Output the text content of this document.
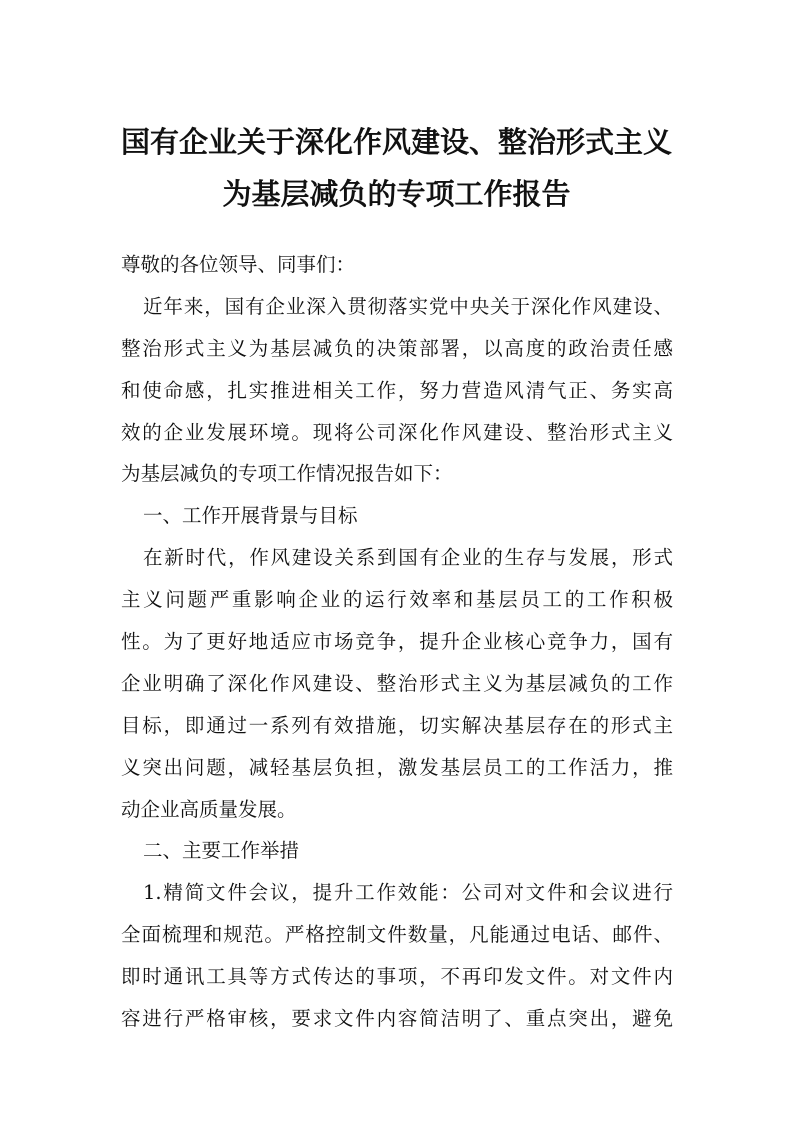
国有企业关于深化作风建设、整治形式主义
为基层减负的专项工作报告
尊敬的各位领导、同事们：
近年来，国有企业深入贯彻落实党中央关于深化作风建设、
整治形式主义为基层减负的决策部署，以高度的政治责任感
和使命感，扎实推进相关工作，努力营造风清气正、务实高
效的企业发展环境。现将公司深化作风建设、整治形式主义
为基层减负的专项工作情况报告如下：
一、工作开展背景与目标
在新时代，作风建设关系到国有企业的生存与发展，形式
主义问题严重影响企业的运行效率和基层员工的工作积极
性。为了更好地适应市场竞争，提升企业核心竞争力，国有
企业明确了深化作风建设、整治形式主义为基层减负的工作
目标，即通过一系列有效措施，切实解决基层存在的形式主
义突出问题，减轻基层负担，激发基层员工的工作活力，推
动企业高质量发展。
二、主要工作举措
1.精简文件会议，提升工作效能：公司对文件和会议进行
全面梳理和规范。严格控制文件数量，凡能通过电话、邮件、
即时通讯工具等方式传达的事项，不再印发文件。对文件内
容进行严格审核，要求文件内容简洁明了、重点突出，避免
